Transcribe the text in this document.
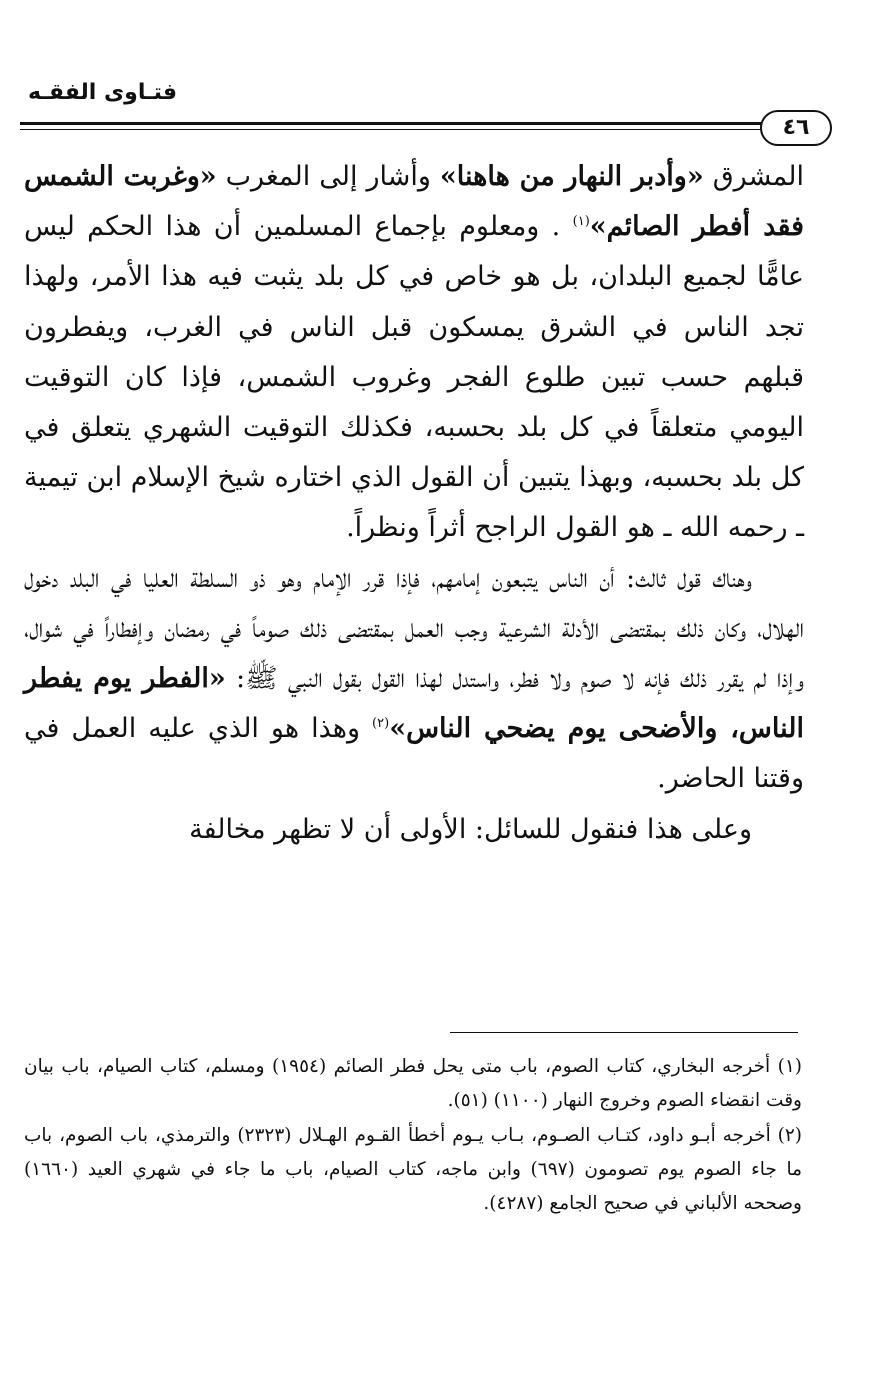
فتـاوى الفقـه
٤٦

المشرق «وأدبر النهار من هاهنا» وأشار إلى المغرب «وغربت الشمس فقد أفطر الصائم»$^{(١)}$ . ومعلوم بإجماع المسلمين أن هذا الحكم ليس عامًّا لجميع البلدان، بل هو خاص في كل بلد يثبت فيه هذا الأمر، ولهذا تجد الناس في الشرق يمسكون قبل الناس في الغرب، ويفطرون قبلهم حسب تبين طلوع الفجر وغروب الشمس، فإذا كان التوقيت اليومي متعلقاً في كل بلد بحسبه، فكذلك التوقيت الشهري يتعلق في كل بلد بحسبه، وبهذا يتبين أن القول الذي اختاره شيخ الإسلام ابن تيمية ـ رحمه الله ـ هو القول الراجح أثراً ونظراً.

وهناك قول ثالث: أن الناس يتبعون إمامهم، فإذا قرر الإمام وهو ذو السلطة العليا في البلد دخول الهلال، وكان ذلك بمقتضى الأدلة الشرعية وجب العمل بمقتضى ذلك صوماً في رمضان وإفطاراً في شوال، وإذا لم يقرر ذلك فإنه لا صوم ولا فطر، واستدل لهذا القول بقول النبي ﷺ: «الفطر يوم يفطر الناس، والأضحى يوم يضحي الناس»$^{(٢)}$ وهذا هو الذي عليه العمل في وقتنا الحاضر.

وعلى هذا فنقول للسائل: الأولى أن لا تظهر مخالفة

(١) أخرجه البخاري، كتاب الصوم، باب متى يحل فطر الصائم (١٩٥٤) ومسلم، كتاب الصيام، باب بيان وقت انقضاء الصوم وخروج النهار (١١٠٠) (٥١).

(٢) أخرجه أبـو داود، كتـاب الصـوم، بـاب يـوم أخطأ القـوم الهـلال (٢٣٢٣) والترمذي، باب الصوم، باب ما جاء الصوم يوم تصومون (٦٩٧) وابن ماجه، كتاب الصيام، باب ما جاء في شهري العيد (١٦٦٠) وصححه الألباني في صحيح الجامع (٤٢٨٧).
